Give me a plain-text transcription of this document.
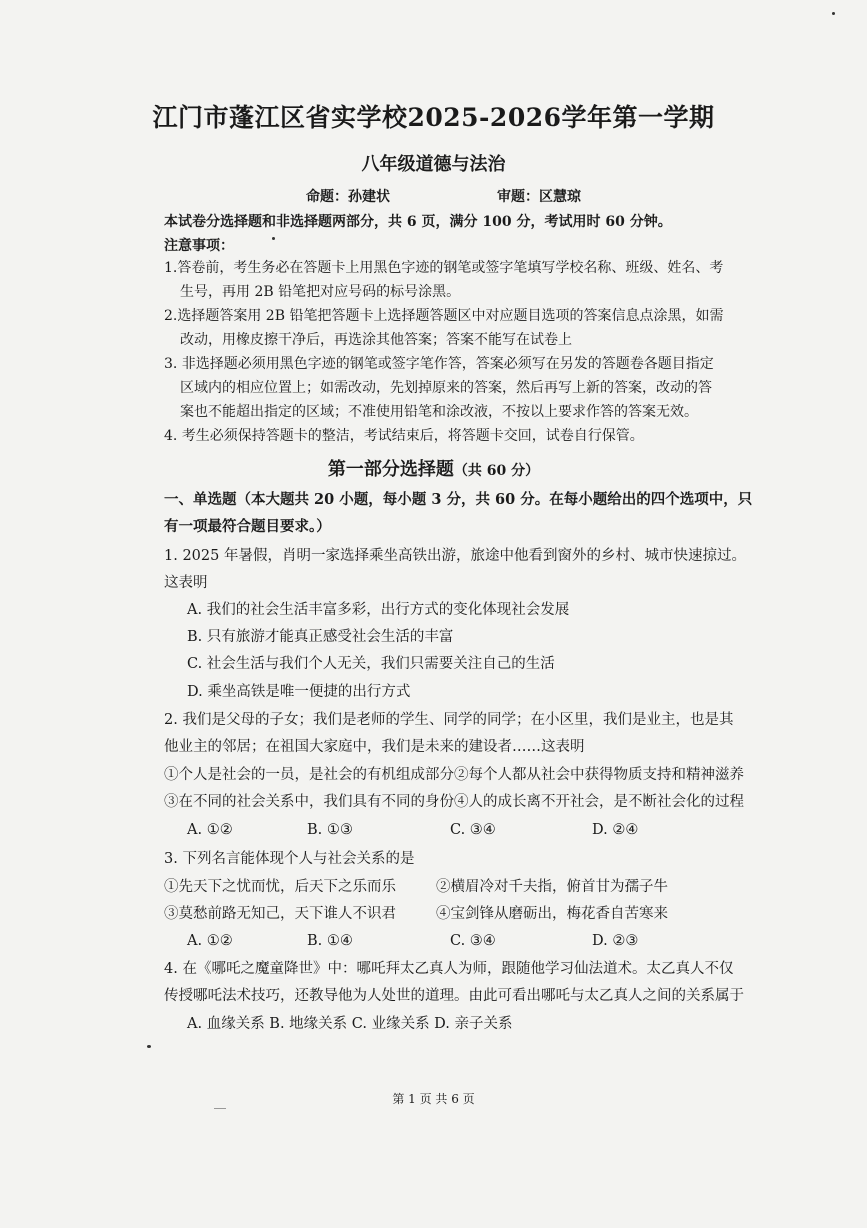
江门市蓬江区省实学校2025-2026学年第一学期
八年级道德与法治
命题：孙建状	审题：区慧琼
本试卷分选择题和非选择题两部分，共 6 页，满分 100 分，考试用时 60 分钟。
注意事项：
1.答卷前，考生务必在答题卡上用黑色字迹的钢笔或签字笔填写学校名称、班级、姓名、考
生号，再用 2B 铅笔把对应号码的标号涂黑。
2.选择题答案用 2B 铅笔把答题卡上选择题答题区中对应题目选项的答案信息点涂黑，如需
改动，用橡皮擦干净后，再选涂其他答案；答案不能写在试卷上
3. 非选择题必须用黑色字迹的钢笔或签字笔作答，答案必须写在另发的答题卷各题目指定
区域内的相应位置上；如需改动，先划掉原来的答案，然后再写上新的答案，改动的答
案也不能超出指定的区域；不准使用铅笔和涂改液，不按以上要求作答的答案无效。
4. 考生必须保持答题卡的整洁，考试结束后，将答题卡交回，试卷自行保管。
第一部分选择题（共 60 分）
一、单选题（本大题共 20 小题，每小题 3 分，共 60 分。在每小题给出的四个选项中，只
有一项最符合题目要求。）
1. 2025 年暑假，肖明一家选择乘坐高铁出游，旅途中他看到窗外的乡村、城市快速掠过。
这表明
A. 我们的社会生活丰富多彩，出行方式的变化体现社会发展
B. 只有旅游才能真正感受社会生活的丰富
C. 社会生活与我们个人无关，我们只需要关注自己的生活
D. 乘坐高铁是唯一便捷的出行方式
2. 我们是父母的子女；我们是老师的学生、同学的同学；在小区里，我们是业主，也是其
他业主的邻居；在祖国大家庭中，我们是未来的建设者……这表明
①个人是社会的一员，是社会的有机组成部分②每个人都从社会中获得物质支持和精神滋养
③在不同的社会关系中，我们具有不同的身份④人的成长离不开社会，是不断社会化的过程
A. ①②	B. ①③	C. ③④	D. ②④
3. 下列名言能体现个人与社会关系的是
①先天下之忧而忧，后天下之乐而乐	②横眉冷对千夫指，俯首甘为孺子牛
③莫愁前路无知己，天下谁人不识君	④宝剑锋从磨砺出，梅花香自苦寒来
A. ①②	B. ①④	C. ③④	D. ②③
4. 在《哪吒之魔童降世》中：哪吒拜太乙真人为师，跟随他学习仙法道术。太乙真人不仅
传授哪吒法术技巧，还教导他为人处世的道理。由此可看出哪吒与太乙真人之间的关系属于
A. 血缘关系 B. 地缘关系 C. 业缘关系 D. 亲子关系
第 1 页 共 6 页
